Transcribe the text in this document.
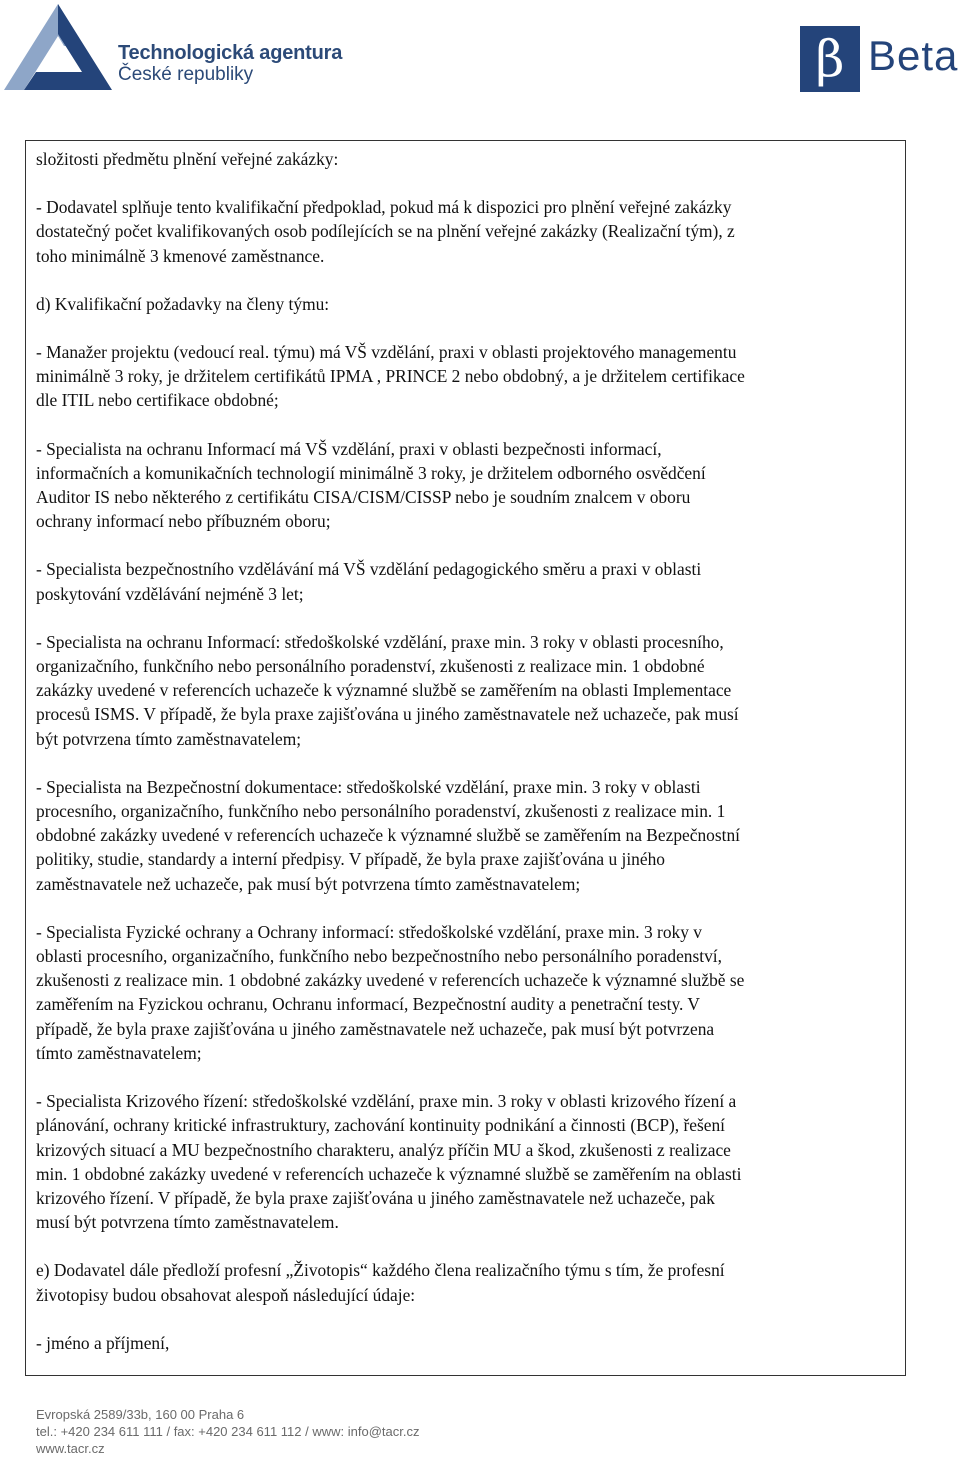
Technologická agentura
České republiky	β Beta

složitosti předmětu plnění veřejné zakázky:

- Dodavatel splňuje tento kvalifikační předpoklad, pokud má k dispozici pro plnění veřejné zakázky
dostatečný počet kvalifikovaných osob podílejících se na plnění veřejné zakázky (Realizační tým), z
toho minimálně 3 kmenové zaměstnance.

d) Kvalifikační požadavky na členy týmu:

- Manažer projektu (vedoucí real. týmu) má VŠ vzdělání, praxi v oblasti projektového managementu
minimálně 3 roky, je držitelem certifikátů IPMA , PRINCE 2 nebo obdobný, a je držitelem certifikace
dle ITIL nebo certifikace obdobné;

- Specialista na ochranu Informací má VŠ vzdělání, praxi v oblasti bezpečnosti informací,
informačních a komunikačních technologií minimálně 3 roky, je držitelem odborného osvědčení
Auditor IS nebo některého z certifikátu CISA/CISM/CISSP nebo je soudním znalcem v oboru
ochrany informací nebo příbuzném oboru;

- Specialista bezpečnostního vzdělávání má VŠ vzdělání pedagogického směru a praxi v oblasti
poskytování vzdělávání nejméně 3 let;

- Specialista na ochranu Informací: středoškolské vzdělání, praxe min. 3 roky v oblasti procesního,
organizačního, funkčního nebo personálního poradenství, zkušenosti z realizace min. 1 obdobné
zakázky uvedené v referencích uchazeče k významné službě se zaměřením na oblasti Implementace
procesů ISMS. V případě, že byla praxe zajišťována u jiného zaměstnavatele než uchazeče, pak musí
být potvrzena tímto zaměstnavatelem;

- Specialista na Bezpečnostní dokumentace: středoškolské vzdělání, praxe min. 3 roky v oblasti
procesního, organizačního, funkčního nebo personálního poradenství, zkušenosti z realizace min. 1
obdobné zakázky uvedené v referencích uchazeče k významné službě se zaměřením na Bezpečnostní
politiky, studie, standardy a interní předpisy. V případě, že byla praxe zajišťována u jiného
zaměstnavatele než uchazeče, pak musí být potvrzena tímto zaměstnavatelem;

- Specialista Fyzické ochrany a Ochrany informací: středoškolské vzdělání, praxe min. 3 roky v
oblasti procesního, organizačního, funkčního nebo bezpečnostního nebo personálního poradenství,
zkušenosti z realizace min. 1 obdobné zakázky uvedené v referencích uchazeče k významné službě se
zaměřením na Fyzickou ochranu, Ochranu informací, Bezpečnostní audity a penetrační testy. V
případě, že byla praxe zajišťována u jiného zaměstnavatele než uchazeče, pak musí být potvrzena
tímto zaměstnavatelem;

- Specialista Krizového řízení: středoškolské vzdělání, praxe min. 3 roky v oblasti krizového řízení a
plánování, ochrany kritické infrastruktury, zachování kontinuity podnikání a činnosti (BCP), řešení
krizových situací a MU bezpečnostního charakteru, analýz příčin MU a škod, zkušenosti z realizace
min. 1 obdobné zakázky uvedené v referencích uchazeče k významné službě se zaměřením na oblasti
krizového řízení. V případě, že byla praxe zajišťována u jiného zaměstnavatele než uchazeče, pak
musí být potvrzena tímto zaměstnavatelem.

e) Dodavatel dále předloží profesní „Životopis“ každého člena realizačního týmu s tím, že profesní
životopisy budou obsahovat alespoň následující údaje:

- jméno a příjmení,

Evropská 2589/33b, 160 00 Praha 6
tel.: +420 234 611 111 / fax: +420 234 611 112 / www: info@tacr.cz
www.tacr.cz
